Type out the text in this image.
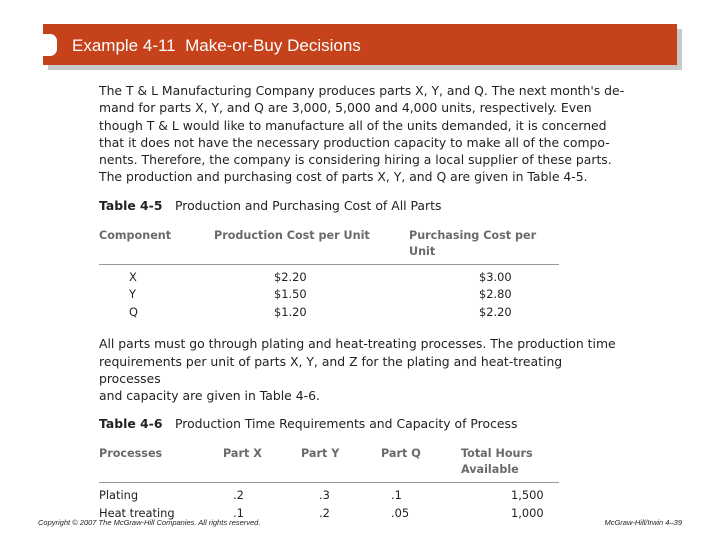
Example 4-11  Make-or-Buy Decisions

The T & L Manufacturing Company produces parts X, Y, and Q. The next month's de-

mand for parts X, Y, and Q are 3,000, 5,000 and 4,000 units, respectively. Even

though T & L would like to manufacture all of the units demanded, it is concerned

that it does not have the necessary production capacity to make all of the compo-

nents. Therefore, the company is considering hiring a local supplier of these parts.

The production and purchasing cost of parts X, Y, and Q are given in Table 4-5.

Table 4-5 Production and Purchasing Cost of All Parts
Component	Production Cost per Unit	Purchasing Cost per Unit
X	$2.20	$3.00
Y	$1.50	$2.80
Q	$1.20	$2.20

All parts must go through plating and heat-treating processes. The production time

requirements per unit of parts X, Y, and Z for the plating and heat-treating processes

and capacity are given in Table 4-6.

Table 4-6 Production Time Requirements and Capacity of Process
Processes	Part X	Part Y	Part Q	Total Hours Available
Plating	.2	.3	.1	1,500
Heat treating	.1	.2	.05	1,000
Copyright © 2007 The McGraw-Hill Companies. All rights reserved.	McGraw-Hill/Irwin 4–39
